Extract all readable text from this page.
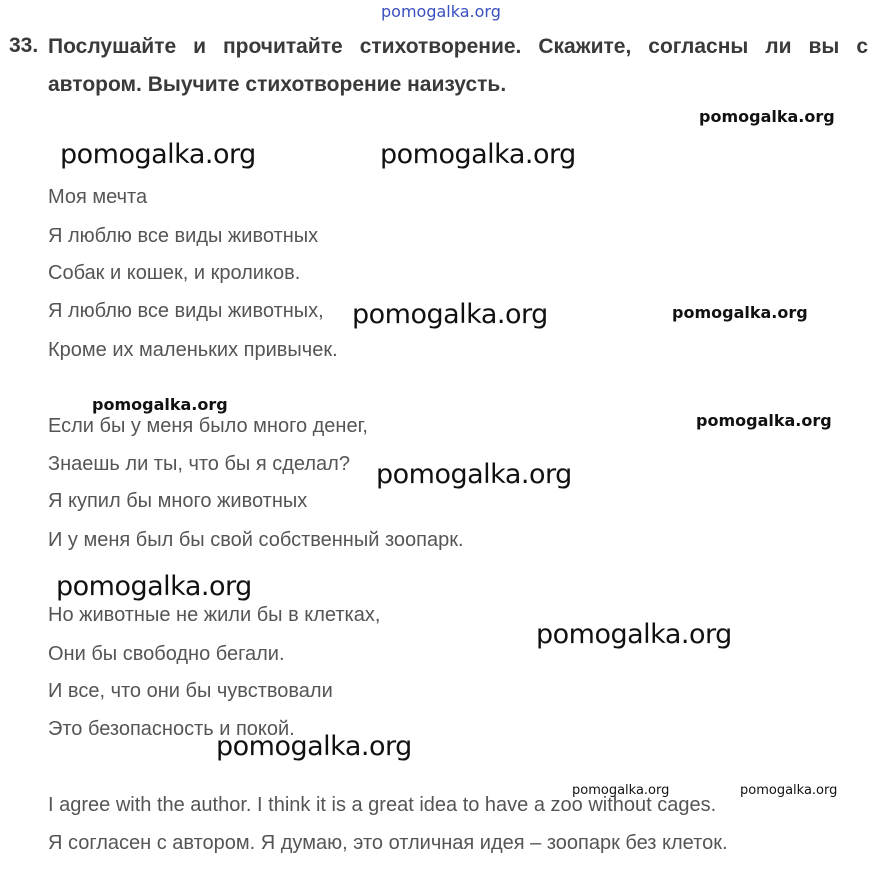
pomogalka.org
33. Послушайте и прочитайте стихотворение. Скажите, согласны ли вы с автором. Выучите стихотворение наизусть.
pomogalka.org
pomogalka.org	pomogalka.org
Моя мечта
Я люблю все виды животных
Собак и кошек, и кроликов.
Я люблю все виды животных,
Кроме их маленьких привычек.
pomogalka.org	pomogalka.org
pomogalka.org
pomogalka.org
Если бы у меня было много денег,
Знаешь ли ты, что бы я сделал?
Я купил бы много животных
И у меня был бы свой собственный зоопарк.
pomogalka.org
pomogalka.org
Но животные не жили бы в клетках,
Они бы свободно бегали.
И все, что они бы чувствовали
Это безопасность и покой.
pomogalka.org
pomogalka.org
pomogalka.org	pomogalka.org
I agree with the author. I think it is a great idea to have a zoo without cages.
Я согласен с автором. Я думаю, это отличная идея – зоопарк без клеток.
